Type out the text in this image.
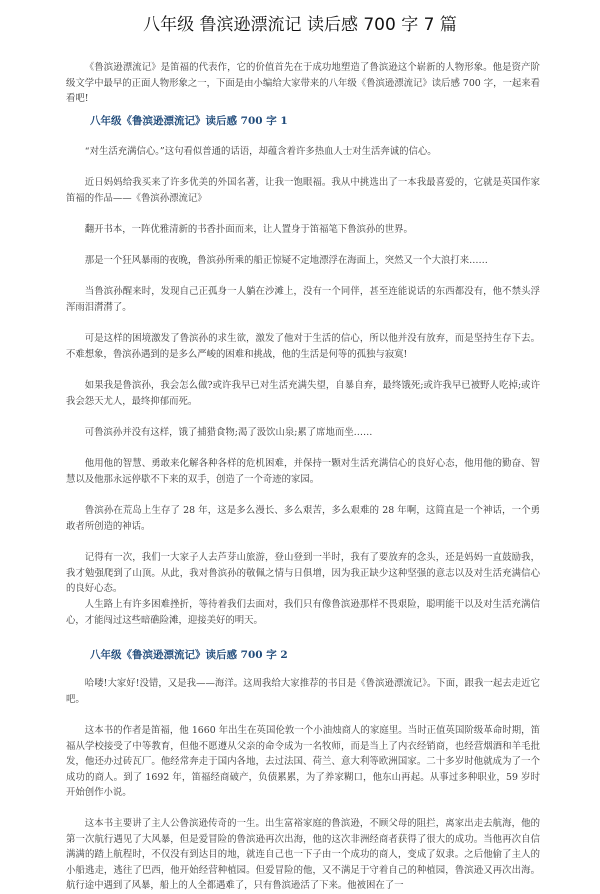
八年级 鲁滨逊漂流记 读后感 700 字 7 篇

《鲁滨逊漂流记》是笛福的代表作，它的价值首先在于成功地塑造了鲁滨逊这个崭新的人物形象。他是资产阶级文学中最早的正面人物形象之一，下面是由小编给大家带来的八年级《鲁滨逊漂流记》读后感 700 字，一起来看看吧!

八年级《鲁滨逊漂流记》读后感 700 字 1

“对生活充满信心。”这句看似普通的话语，却蕴含着许多热血人士对生活奔诚的信心。

近日妈妈给我买来了许多优美的外国名著，让我一饱眼福。我从中挑选出了一本我最喜爱的，它就是英国作家笛福的作品——《鲁滨孙漂流记》

翻开书本，一阵优雅清新的书香扑面而来，让人置身于笛福笔下鲁滨孙的世界。

那是一个狂风暴雨的夜晚，鲁滨孙所乘的船正惊疑不定地漂浮在海面上，突然又一个大浪打来……

当鲁滨孙醒来时，发现自己正孤身一人躺在沙滩上，没有一个同伴，甚至连能说话的东西都没有，他不禁头浮浑雨泪潸潸了。

可是这样的困境激发了鲁滨孙的求生欲，激发了他对于生活的信心，所以他并没有放弃，而是坚持生存下去。不难想象，鲁滨孙遇到的是多么严峻的困难和挑战，他的生活是何等的孤独与寂寞!

如果我是鲁滨孙，我会怎么做?或许我早已对生活充满失望，自暴自弃，最终饿死;或许我早已被野人吃掉;或许我会怨天尤人，最终抑郁而死。

可鲁滨孙并没有这样，饿了捕猎食物;渴了汲饮山泉;累了席地而坐……

他用他的智慧、勇敢来化解各种各样的危机困难，并保持一颗对生活充满信心的良好心态，他用他的勤奋、智慧以及他那永远停歇不下来的双手，创造了一个奇迹的家园。

鲁滨孙在荒岛上生存了 28 年，这是多么漫长、多么艰苦，多么艰难的 28 年啊，这简直是一个神话，一个勇敢者所创造的神话。

记得有一次，我们一大家子人去芦芽山旅游，登山登到一半时，我有了要放弃的念头，还是妈妈一直鼓励我，我才勉强爬到了山顶。从此，我对鲁滨孙的敬佩之情与日俱增，因为我正缺少这种坚强的意志以及对生活充满信心的良好心态。

人生路上有许多困难挫折，等待着我们去面对，我们只有像鲁滨逊那样不畏艰险，聪明能干以及对生活充满信心，才能闯过这些暗礁险滩，迎接美好的明天。

八年级《鲁滨逊漂流记》读后感 700 字 2

哈喽!大家好!没错，又是我——海洋。这周我给大家推荐的书目是《鲁滨逊漂流记》。下面，跟我一起去走近它吧。

这本书的作者是笛福，他 1660 年出生在英国伦敦一个小油烛商人的家庭里。当时正值英国阶级革命时期，笛福从学校接受了中等教育，但他不愿遵从父亲的命令成为一名牧师，而是当上了内衣经销商，也经营烟酒和羊毛批发，他还办过砖瓦厂。他经常奔走于国内各地，去过法国、荷兰、意大利等欧洲国家。二十多岁时他就成为了一个成功的商人。到了 1692 年，笛福经商破产，负债累累，为了养家糊口，他东山再起。从事过多种职业，59 岁时开始创作小说。

这本书主要讲了主人公鲁滨逊传奇的一生。出生富裕家庭的鲁滨逊，不顾父母的阻拦，离家出走去航海，他的第一次航行遇见了大风暴，但是爱冒险的鲁滨逊再次出海，他的这次非洲经商者获得了很大的成功。当他再次自信满满的踏上航程时，不仅没有到达目的地，就连自己也一下子由一个成功的商人，变成了奴隶。之后他偷了主人的小船逃走，逃往了巴西，他开始经营种植园。但爱冒险的他，又不满足于守着自己的种植园，鲁滨逊又再次出海。航行途中遇到了风暴，船上的人全都遇难了，只有鲁滨逊活了下来。他被困在了一
